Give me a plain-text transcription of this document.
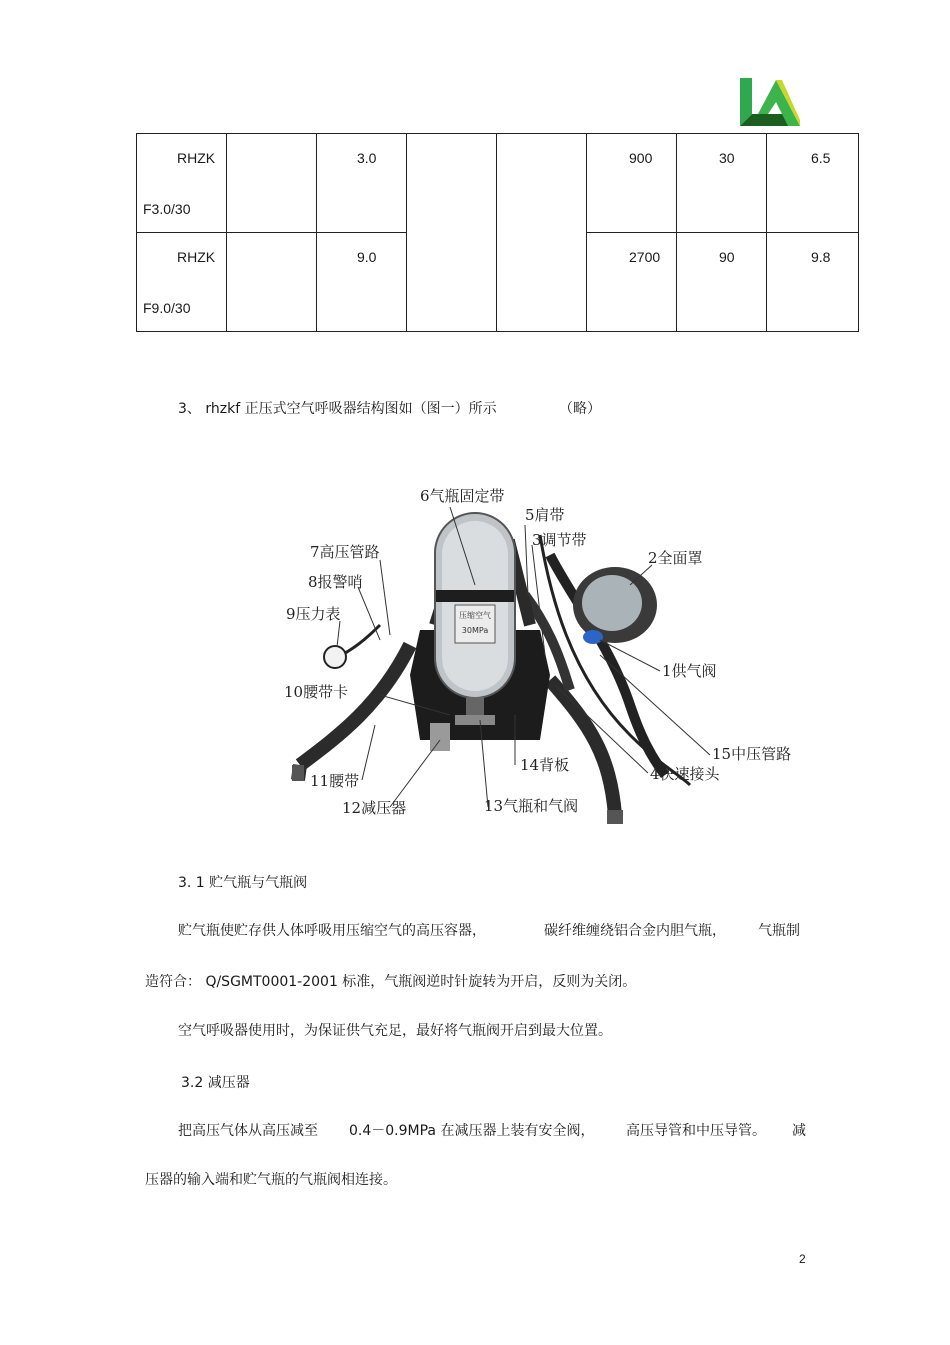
RHZK
F3.0/30		3.0			900	30	6.5

RHZK
F9.0/30		9.0			2700	90	9.8
3、 rhzkf 正压式空气呼吸器结构图如（图一）所示	（略）
压缩空气
30MPa
6气瓶固定带
5肩带
3调节带
2全面罩
7高压管路
8报警哨
9压力表
1供气阀
10腰带卡
15中压管路
14背板	4快速接头
11腰带
12减压器	13气瓶和气阀
3. 1 贮气瓶与气瓶阀
贮气瓶使贮存供人体呼吸用压缩空气的高压容器，	碳纤维缠绕铝合金内胆气瓶， 气瓶制
造符合： Q/SGMT0001-2001 标准，气瓶阀逆时针旋转为开启，反则为关闭。
空气呼吸器使用时，为保证供气充足，最好将气瓶阀开启到最大位置。
3.2 减压器
把高压气体从高压减至 0.4－0.9MPa 在减压器上装有安全阀， 高压导管和中压导管。 减
压器的输入端和贮气瓶的气瓶阀相连接。
2
